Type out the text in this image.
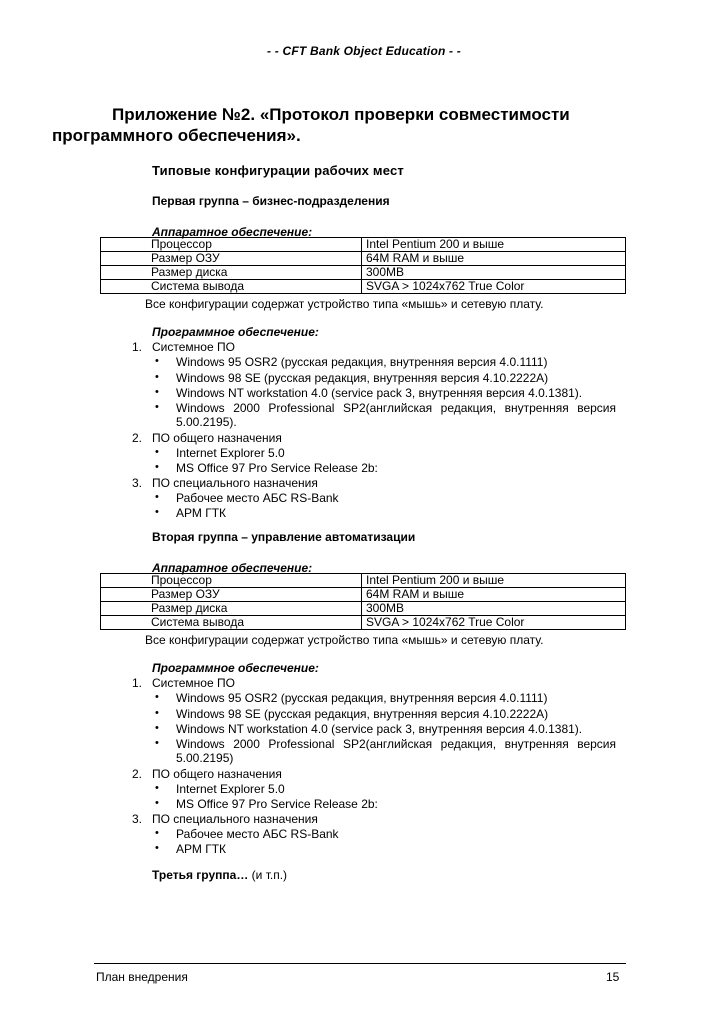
- - CFT Bank Object Education - -
Приложение №2. «Протокол проверки совместимости
программного обеспечения».
Типовые конфигурации рабочих мест
Первая группа – бизнес-подразделения
Аппаратное обеспечение:
Процессор	Intel Pentium 200 и выше
Размер ОЗУ	64M RAM и выше
Размер диска	300MB
Система вывода	SVGA > 1024x762 True Color
Все конфигурации содержат устройство типа «мышь» и сетевую плату.
Программное обеспечение:
1. Системное ПО
• Windows 95 OSR2 (русская редакция, внутренняя версия 4.0.1111)
• Windows 98 SE (русская редакция, внутренняя версия 4.10.2222A)
• Windows NT workstation 4.0 (service pack 3, внутренняя версия 4.0.1381).
• Windows 2000 Professional SP2(английская редакция, внутренняя версия 5.00.2195).
2. ПО общего назначения
• Internet Explorer 5.0
• MS Office 97 Pro Service Release 2b:
3. ПО специального назначения
• Рабочее место АБС RS-Bank
• АРМ ГТК
Вторая группа – управление автоматизации
Аппаратное обеспечение:
Процессор	Intel Pentium 200 и выше
Размер ОЗУ	64M RAM и выше
Размер диска	300MB
Система вывода	SVGA > 1024x762 True Color
Все конфигурации содержат устройство типа «мышь» и сетевую плату.
Программное обеспечение:
1. Системное ПО
• Windows 95 OSR2 (русская редакция, внутренняя версия 4.0.1111)
• Windows 98 SE (русская редакция, внутренняя версия 4.10.2222A)
• Windows NT workstation 4.0 (service pack 3, внутренняя версия 4.0.1381).
• Windows 2000 Professional SP2(английская редакция, внутренняя версия 5.00.2195)
2. ПО общего назначения
• Internet Explorer 5.0
• MS Office 97 Pro Service Release 2b:
3. ПО специального назначения
• Рабочее место АБС RS-Bank
• АРМ ГТК
Третья группа… (и т.п.)
План внедрения	15
